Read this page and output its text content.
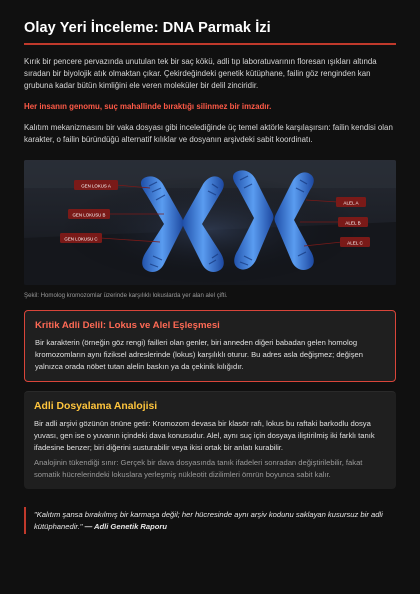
Olay Yeri İnceleme: DNA Parmak İzi

Kırık bir pencere pervazında unutulan tek bir saç kökü, adli tıp laboratuvarının floresan ışıkları altında sıradan bir biyolojik atık olmaktan çıkar. Çekirdeğindeki genetik kütüphane, failin göz renginden kan grubuna kadar bütün kimliğini ele veren moleküler bir delil zinciridir.

Her insanın genomu, suç mahallinde bıraktığı silinmez bir imzadır.

Kalıtım mekanizmasını bir vaka dosyası gibi incelediğinde üç temel aktörle karşılaşırsın: failin kendisi olan karakter, o failin büründüğü alternatif kılıklar ve dosyanın arşivdeki sabit koordinatı.

GEN LOKUS A
GEN LOKUSU B
GEN LOKUSU C
ALEL A
ALEL B
ALEL C

Şekil: Homolog kromozomlar üzerinde karşılıklı lokuslarda yer alan alel çifti.

Kritik Adli Delil: Lokus ve Alel Eşleşmesi

Bir karakterin (örneğin göz rengi) failleri olan genler, biri anneden diğeri babadan gelen homolog kromozomların aynı fiziksel adreslerinde (lokus) karşılıklı oturur. Bu adres asla değişmez; değişen yalnızca orada nöbet tutan alelin baskın ya da çekinik kılığıdır.

Adli Dosyalama Analojisi

Bir adli arşivi gözünün önüne getir: Kromozom devasa bir klasör rafı, lokus bu raftaki barkodlu dosya yuvası, gen ise o yuvanın içindeki dava konusudur. Alel, aynı suç için dosyaya iliştirilmiş iki farklı tanık ifadesine benzer; biri diğerini susturabilir veya ikisi ortak bir anlatı kurabilir.

Analojinin tükendiği sınır: Gerçek bir dava dosyasında tanık ifadeleri sonradan değiştirilebilir, fakat somatik hücrelerindeki lokuslara yerleşmiş nükleotit dizilimleri ömrün boyunca sabit kalır.

"Kalıtım şansa bırakılmış bir karmaşa değil; her hücresinde aynı arşiv kodunu saklayan kusursuz bir adli kütüphanedir." — Adli Genetik Raporu
